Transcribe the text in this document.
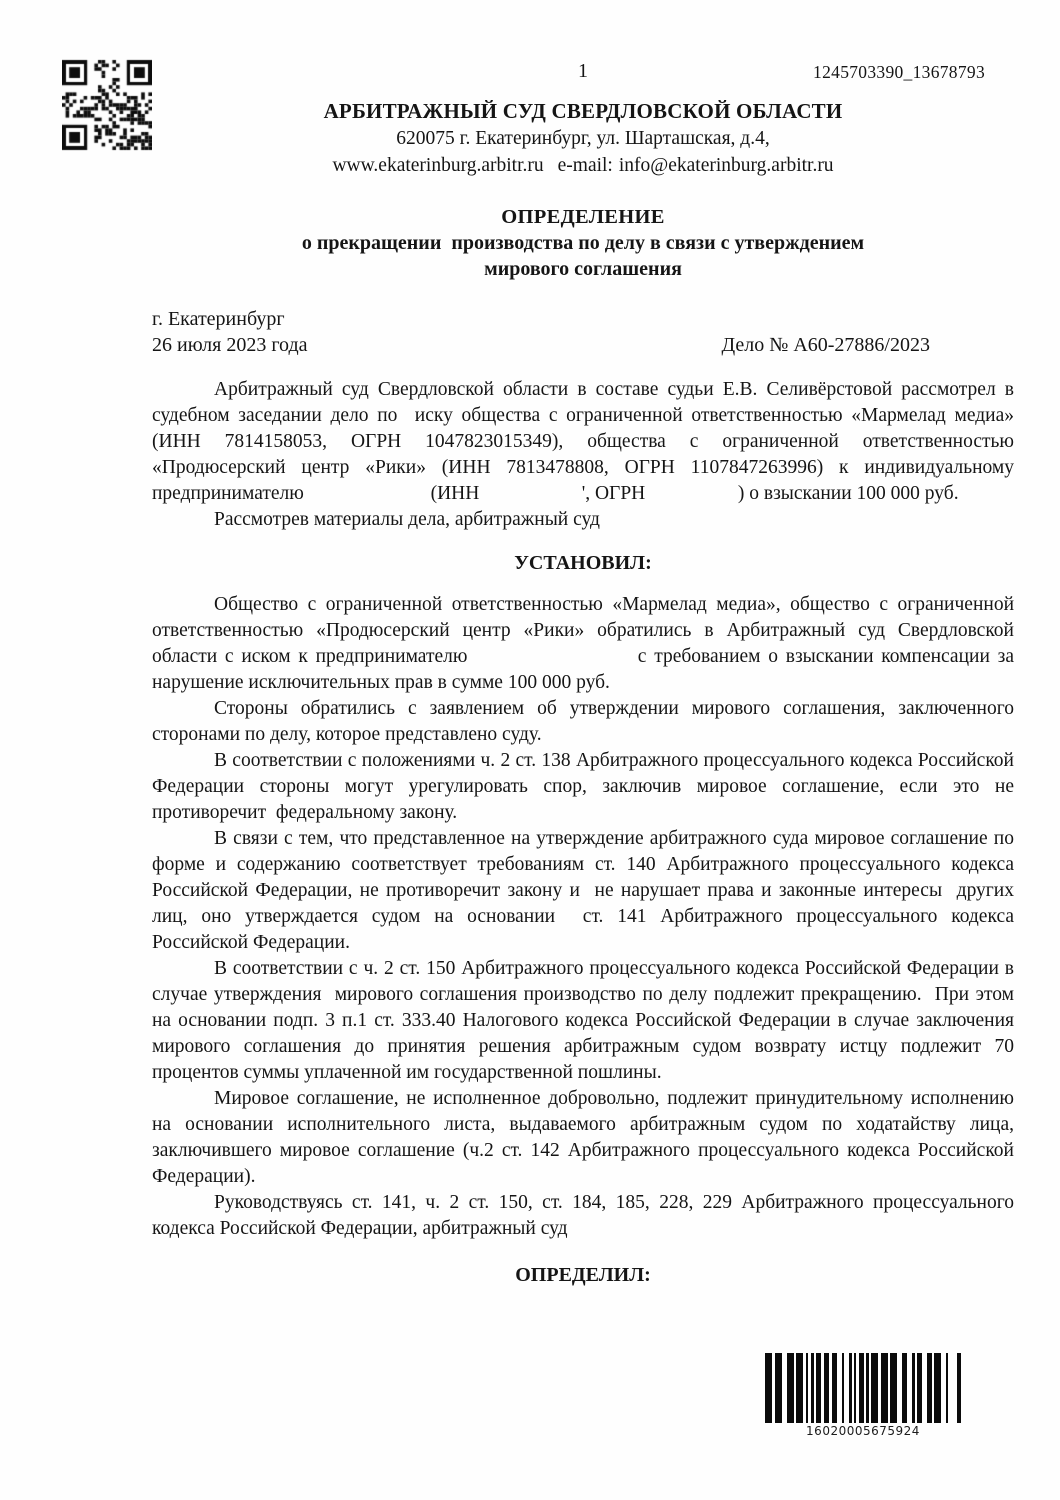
1	1245703390_13678793
АРБИТРАЖНЫЙ СУД СВЕРДЛОВСКОЙ ОБЛАСТИ
620075 г. Екатеринбург, ул. Шарташская, д.4,
www.ekaterinburg.arbitr.ru e-mail: info@ekaterinburg.arbitr.ru
ОПРЕДЕЛЕНИЕ
о прекращении  производства по делу в связи с утверждением
мирового соглашения
г. Екатеринбург
26 июля 2023 года	Дело № А60-27886/2023

Арбитражный суд Свердловской области в составе судьи Е.В. Селивёрстовой рассмотрел в судебном заседании дело по  иску общества с ограниченной ответственностью «Мармелад медиа» (ИНН 7814158053, ОГРН 1047823015349), общества с ограниченной ответственностью «Продюсерский центр «Рики» (ИНН 7813478808, ОГРН 1107847263996) к индивидуальному предпринимателю                          (ИНН                     ', ОГРН                   ) о взыскании 100 000 руб.

Рассмотрев материалы дела, арбитражный суд

УСТАНОВИЛ:

Общество с ограниченной ответственностью «Мармелад медиа», общество с ограниченной ответственностью «Продюсерский центр «Рики» обратились в Арбитражный суд Свердловской области с иском к предпринимателю                      с требованием о взыскании компенсации за нарушение исключительных прав в сумме 100 000 руб.

Стороны обратились с заявлением об утверждении мирового соглашения, заключенного сторонами по делу, которое представлено суду.

В соответствии с положениями ч. 2 ст. 138 Арбитражного процессуального кодекса Российской Федерации стороны могут урегулировать спор, заключив мировое соглашение, если это не противоречит  федеральному закону.

В связи с тем, что представленное на утверждение арбитражного суда мировое соглашение по форме и содержанию соответствует требованиям ст. 140 Арбитражного процессуального кодекса Российской Федерации, не противоречит закону и  не нарушает права и законные интересы  других лиц, оно утверждается судом на основании  ст. 141 Арбитражного процессуального кодекса Российской Федерации.

В соответствии с ч. 2 ст. 150 Арбитражного процессуального кодекса Российской Федерации в случае утверждения  мирового соглашения производство по делу подлежит прекращению.  При этом на основании подп. 3 п.1 ст. 333.40 Налогового кодекса Российской Федерации в случае заключения мирового соглашения до принятия решения арбитражным судом возврату истцу подлежит 70 процентов суммы уплаченной им государственной пошлины.

Мировое соглашение, не исполненное добровольно, подлежит принудительному исполнению на основании исполнительного листа, выдаваемого арбитражным судом по ходатайству лица, заключившего мировое соглашение (ч.2 ст. 142 Арбитражного процессуального кодекса Российской Федерации).

Руководствуясь ст. 141, ч. 2 ст. 150, ст. 184, 185, 228, 229 Арбитражного процессуального кодекса Российской Федерации, арбитражный суд

ОПРЕДЕЛИЛ:
16020005675924
